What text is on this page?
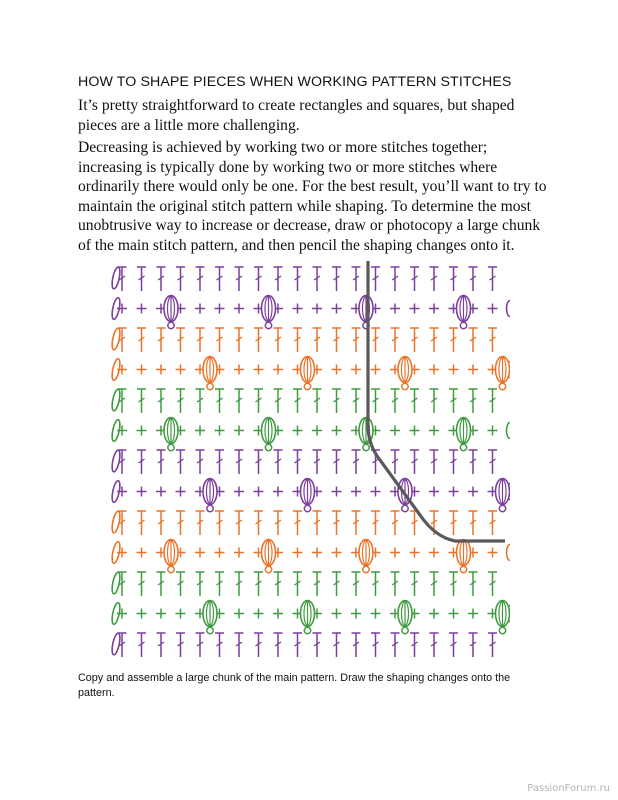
HOW TO SHAPE PIECES WHEN WORKING PATTERN STITCHES
It’s pretty straightforward to create rectangles and squares, but shaped pieces are a little more challenging.
Decreasing is achieved by working two or more stitches together; increasing is typically done by working two or more stitches where ordinarily there would only be one. For the best result, you’ll want to try to maintain the original stitch pattern while shaping. To determine the most unobtrusive way to increase or decrease, draw or photocopy a large chunk of the main stitch pattern, and then pencil the shaping changes onto it.
Copy and assemble a large chunk of the main pattern. Draw the shaping changes onto the pattern.
PassionForum.ru
